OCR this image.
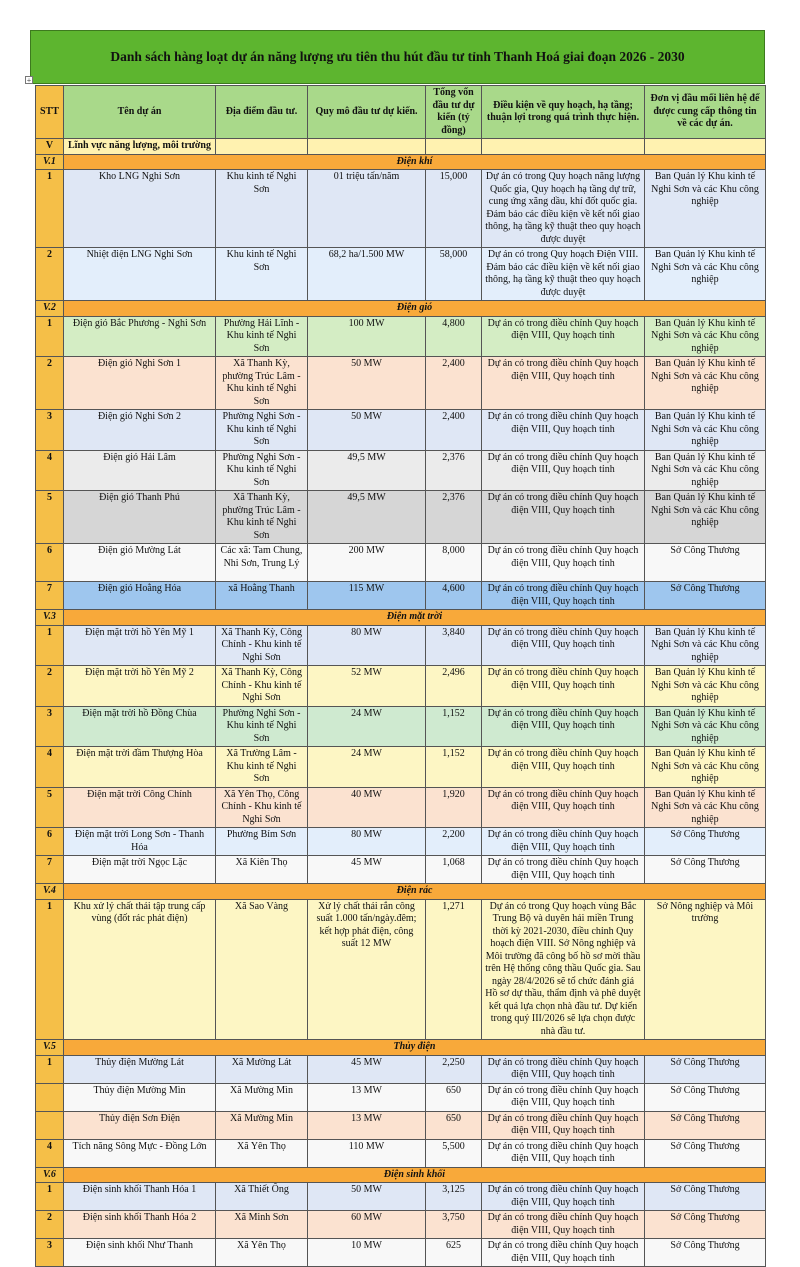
Danh sách hàng loạt dự án năng lượng ưu tiên thu hút đầu tư tỉnh Thanh Hoá giai đoạn 2026 - 2030
+
STT	Tên dự án	Địa điểm đầu tư.	Quy mô đầu tư dự kiến.	Tổng vốn đầu tư dự kiến (tỷ đồng)	Điều kiện về quy hoạch, hạ tầng; thuận lợi trong quá trình thực hiện.	Đơn vị đầu mối liên hệ để được cung cấp thông tin về các dự án.
V	Lĩnh vực năng lượng, môi trường					
V.1	Điện khí					
1	Kho LNG Nghi Sơn	Khu kinh tế Nghi Sơn	01 triệu tấn/năm	15,000	Dự án có trong Quy hoạch năng lượng Quốc gia, Quy hoạch hạ tầng dự trữ, cung ứng xăng dầu, khí đốt quốc gia. Đảm bảo các điều kiện về kết nối giao thông, hạ tầng kỹ thuật theo quy hoạch được duyệt	Ban Quản lý Khu kinh tế Nghi Sơn và các Khu công nghiệp
2	Nhiệt điện LNG Nghi Sơn	Khu kinh tế Nghi Sơn	68,2 ha/1.500 MW	58,000	Dự án có trong Quy hoạch Điện VIII. Đảm bảo các điều kiện về kết nối giao thông, hạ tầng kỹ thuật theo quy hoạch được duyệt	Ban Quản lý Khu kinh tế Nghi Sơn và các Khu công nghiệp
V.2	Điện gió					
1	Điện gió Bắc Phương - Nghi Sơn	Phường Hải Lĩnh - Khu kinh tế Nghi Sơn	100 MW	4,800	Dự án có trong điều chỉnh Quy hoạch điện VIII, Quy hoạch tỉnh	Ban Quản lý Khu kinh tế Nghi Sơn và các Khu công nghiệp
2	Điện gió Nghi Sơn 1	Xã Thanh Kỳ, phường Trúc Lâm - Khu kinh tế Nghi Sơn	50 MW	2,400	Dự án có trong điều chỉnh Quy hoạch điện VIII, Quy hoạch tỉnh	Ban Quản lý Khu kinh tế Nghi Sơn và các Khu công nghiệp
3	Điện gió Nghi Sơn 2	Phường Nghi Sơn - Khu kinh tế Nghi Sơn	50 MW	2,400	Dự án có trong điều chỉnh Quy hoạch điện VIII, Quy hoạch tỉnh	Ban Quản lý Khu kinh tế Nghi Sơn và các Khu công nghiệp
4	Điện gió Hải Lâm	Phường Nghi Sơn - Khu kinh tế Nghi Sơn	49,5 MW	2,376	Dự án có trong điều chỉnh Quy hoạch điện VIII, Quy hoạch tỉnh	Ban Quản lý Khu kinh tế Nghi Sơn và các Khu công nghiệp
5	Điện gió Thanh Phú	Xã Thanh Kỳ, phường Trúc Lâm - Khu kinh tế Nghi Sơn	49,5 MW	2,376	Dự án có trong điều chỉnh Quy hoạch điện VIII, Quy hoạch tỉnh	Ban Quản lý Khu kinh tế Nghi Sơn và các Khu công nghiệp
6	Điện gió Mường Lát	Các xã: Tam Chung, Nhi Sơn, Trung Lý	200 MW	8,000	Dự án có trong điều chỉnh Quy hoạch điện VIII, Quy hoạch tỉnh	Sở Công Thương
7	Điện gió Hoằng Hóa	xã Hoằng Thanh	115 MW	4,600	Dự án có trong điều chỉnh Quy hoạch điện VIII, Quy hoạch tỉnh	Sở Công Thương
V.3	Điện mặt trời					
1	Điện mặt trời hồ Yên Mỹ 1	Xã Thanh Kỳ, Công Chính - Khu kinh tế Nghi Sơn	80 MW	3,840	Dự án có trong điều chỉnh Quy hoạch điện VIII, Quy hoạch tỉnh	Ban Quản lý Khu kinh tế Nghi Sơn và các Khu công nghiệp
2	Điện mặt trời hồ Yên Mỹ 2	Xã Thanh Kỳ, Công Chính - Khu kinh tế Nghi Sơn	52 MW	2,496	Dự án có trong điều chỉnh Quy hoạch điện VIII, Quy hoạch tỉnh	Ban Quản lý Khu kinh tế Nghi Sơn và các Khu công nghiệp
3	Điện mặt trời hồ Đồng Chùa	Phường Nghi Sơn - Khu kinh tế Nghi Sơn	24 MW	1,152	Dự án có trong điều chỉnh Quy hoạch điện VIII, Quy hoạch tỉnh	Ban Quản lý Khu kinh tế Nghi Sơn và các Khu công nghiệp
4	Điện mặt trời đầm Thượng Hòa	Xã Trường Lâm - Khu kinh tế Nghi Sơn	24 MW	1,152	Dự án có trong điều chỉnh Quy hoạch điện VIII, Quy hoạch tỉnh	Ban Quản lý Khu kinh tế Nghi Sơn và các Khu công nghiệp
5	Điện mặt trời Công Chính	Xã Yên Thọ, Công Chính - Khu kinh tế Nghi Sơn	40 MW	1,920	Dự án có trong điều chỉnh Quy hoạch điện VIII, Quy hoạch tỉnh	Ban Quản lý Khu kinh tế Nghi Sơn và các Khu công nghiệp
6	Điện mặt trời Long Sơn - Thanh Hóa	Phường Bỉm Sơn	80 MW	2,200	Dự án có trong điều chỉnh Quy hoạch điện VIII, Quy hoạch tỉnh	Sở Công Thương
7	Điện mặt trời Ngọc Lặc	Xã Kiên Thọ	45 MW	1,068	Dự án có trong điều chỉnh Quy hoạch điện VIII, Quy hoạch tỉnh	Sở Công Thương
V.4	Điện rác					
1	Khu xử lý chất thải tập trung cấp vùng (đốt rác phát điện)	Xã Sao Vàng	Xử lý chất thải rắn công suất 1.000 tấn/ngày.đêm; kết hợp phát điện, công suất 12 MW	1,271	Dự án có trong Quy hoạch vùng Bắc Trung Bộ và duyên hải miền Trung thời kỳ 2021-2030, điều chỉnh Quy hoạch điện VIII. Sở Nông nghiệp và Môi trường đã công bố hồ sơ mời thầu trên Hệ thống công thầu Quốc gia. Sau ngày 28/4/2026 sẽ tổ chức đánh giá Hồ sơ dự thầu, thẩm định và phê duyệt kết quả lựa chọn nhà đầu tư. Dự kiến trong quý III/2026 sẽ lựa chọn được nhà đầu tư.	Sở Nông nghiệp và Môi trường
V.5	Thủy điện					
1	Thủy điện Mường Lát	Xã Mường Lát	45 MW	2,250	Dự án có trong điều chỉnh Quy hoạch điện VIII, Quy hoạch tỉnh	Sở Công Thương
	Thủy điện Mường Mìn	Xã Mường Mìn	13 MW	650	Dự án có trong điều chỉnh Quy hoạch điện VIII, Quy hoạch tỉnh	Sở Công Thương
	Thủy điện Sơn Điện	Xã Mường Mìn	13 MW	650	Dự án có trong điều chỉnh Quy hoạch điện VIII, Quy hoạch tỉnh	Sở Công Thương
4	Tích năng Sông Mực - Đồng Lớn	Xã Yên Thọ	110 MW	5,500	Dự án có trong điều chỉnh Quy hoạch điện VIII, Quy hoạch tỉnh	Sở Công Thương
V.6	Điện sinh khối					
1	Điện sinh khối Thanh Hóa 1	Xã Thiết Ống	50 MW	3,125	Dự án có trong điều chỉnh Quy hoạch điện VIII, Quy hoạch tỉnh	Sở Công Thương
2	Điện sinh khối Thanh Hóa 2	Xã Minh Sơn	60 MW	3,750	Dự án có trong điều chỉnh Quy hoạch điện VIII, Quy hoạch tỉnh	Sở Công Thương
3	Điện sinh khối Như Thanh	Xã Yên Thọ	10 MW	625	Dự án có trong điều chỉnh Quy hoạch điện VIII, Quy hoạch tỉnh	Sở Công Thương
